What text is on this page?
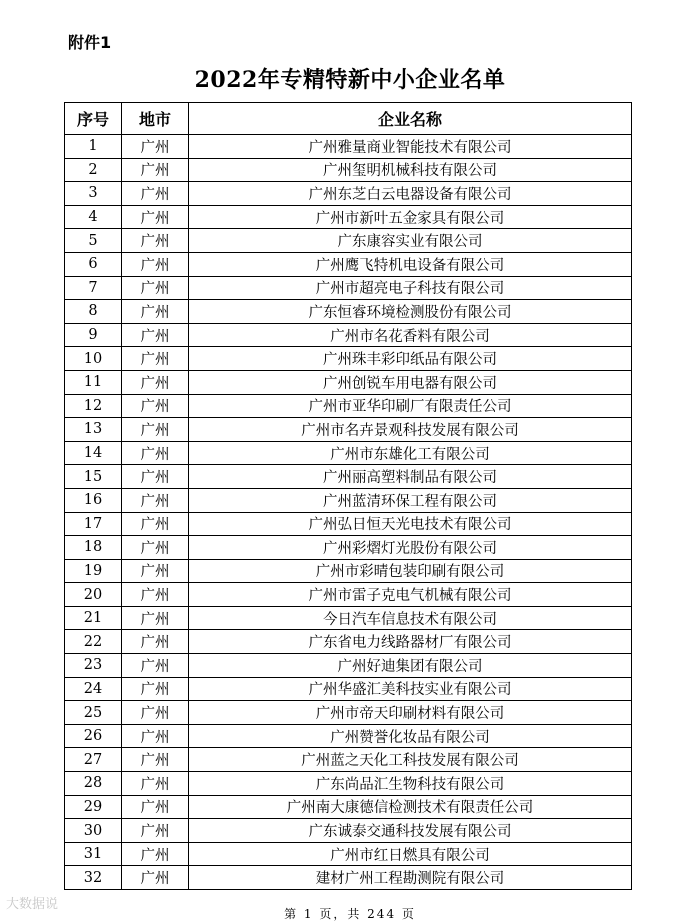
附件1
2022年专精特新中小企业名单
序号	地市	企业名称
1	广州	广州雅量商业智能技术有限公司
2	广州	广州玺明机械科技有限公司
3	广州	广州东芝白云电器设备有限公司
4	广州	广州市新叶五金家具有限公司
5	广州	广东康容实业有限公司
6	广州	广州鹰飞特机电设备有限公司
7	广州	广州市超亮电子科技有限公司
8	广州	广东恒睿环境检测股份有限公司
9	广州	广州市名花香料有限公司
10	广州	广州珠丰彩印纸品有限公司
11	广州	广州创锐车用电器有限公司
12	广州	广州市亚华印刷厂有限责任公司
13	广州	广州市名卉景观科技发展有限公司
14	广州	广州市东雄化工有限公司
15	广州	广州丽高塑料制品有限公司
16	广州	广州蓝清环保工程有限公司
17	广州	广州弘日恒天光电技术有限公司
18	广州	广州彩熠灯光股份有限公司
19	广州	广州市彩晴包装印刷有限公司
20	广州	广州市雷子克电气机械有限公司
21	广州	今日汽车信息技术有限公司
22	广州	广东省电力线路器材厂有限公司
23	广州	广州好迪集团有限公司
24	广州	广州华盛汇美科技实业有限公司
25	广州	广州市帝天印刷材料有限公司
26	广州	广州赞誉化妆品有限公司
27	广州	广州蓝之天化工科技发展有限公司
28	广州	广东尚品汇生物科技有限公司
29	广州	广州南大康德信检测技术有限责任公司
30	广州	广东诚泰交通科技发展有限公司
31	广州	广州市红日燃具有限公司
32	广州	建材广州工程勘测院有限公司
第 1 页，共 244 页
大数据说
